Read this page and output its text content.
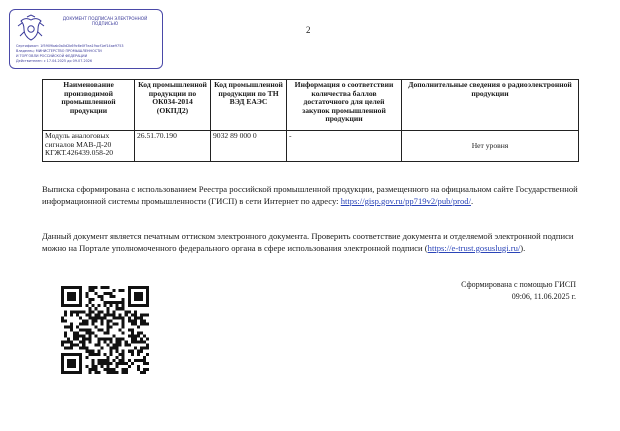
ДОКУМЕНТ ПОДПИСАН ЭЛЕКТРОННОЙ ПОДПИСЬЮ
Сертификат: 1f5909bab0a0d2b69c6e0f7ea19acf1ef14ae9753
Владелец: МИНИСТЕРСТВО ПРОМЫШЛЕННОСТИ
И ТОРГОВЛИ РОССИЙСКОЙ ФЕДЕРАЦИИ
Действителен: с 17.04.2025 до 09.07.2026
2
Наименование производимой промышленной продукции	Код промышленной продукции по ОК034-2014 (ОКПД2)	Код промышленной продукции по ТН ВЭД ЕАЭС	Информация о соответствии количества баллов достаточного для целей закупок промышленной продукции	Дополнительные сведения о радиоэлектронной продукции
Модуль аналоговых сигналов МАВ-Д-20 КГЖТ.426439.058-20	26.51.70.190	9032 89 000 0	-	Нет уровня
Выписка сформирована с использованием Реестра российской промышленной продукции, размещенного на официальном сайте Государственной информационной системы промышленности (ГИСП) в сети Интернет по адресу: https://gisp.gov.ru/pp719v2/pub/prod/.
Данный документ является печатным оттиском электронного документа. Проверить соответствие документа и отделяемой электронной подписи можно на Портале уполномоченного федерального органа в сфере использования электронной подписи (https://e-trust.gosuslugi.ru/).
Сформирована с помощью ГИСП
09:06, 11.06.2025 г.
